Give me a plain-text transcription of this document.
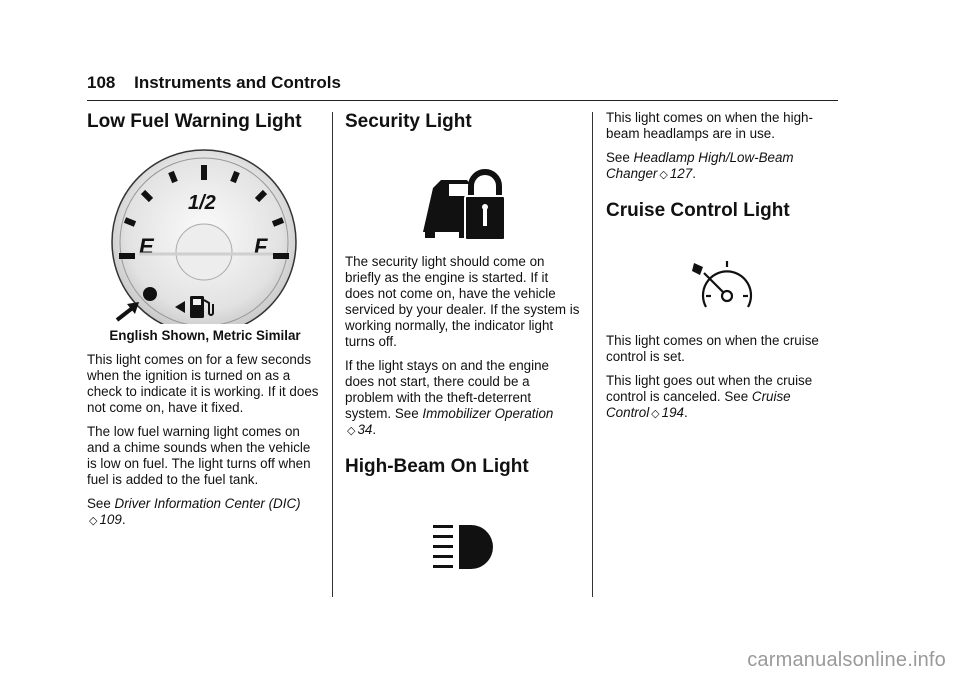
108 Instruments and Controls
Low Fuel Warning Light
1/2
E	F
English Shown, Metric Similar

This light comes on for a few seconds when the ignition is turned on as a check to indicate it is working. If it does not come on, have it fixed.

The low fuel warning light comes on and a chime sounds when the vehicle is low on fuel. The light turns off when fuel is added to the fuel tank.

See Driver Information Center (DIC)
◇ 109.

Security Light

The security light should come on briefly as the engine is started. If it does not come on, have the vehicle serviced by your dealer. If the system is working normally, the indicator light turns off.

If the light stays on and the engine does not start, there could be a problem with the theft-deterrent system. See Immobilizer Operation
◇ 34.

High-Beam On Light

This light comes on when the high-beam headlamps are in use.

See Headlamp High/Low-Beam Changer ◇ 127.

Cruise Control Light

This light comes on when the cruise control is set.

This light goes out when the cruise control is canceled. See Cruise Control ◇ 194.

carmanualsonline.info
